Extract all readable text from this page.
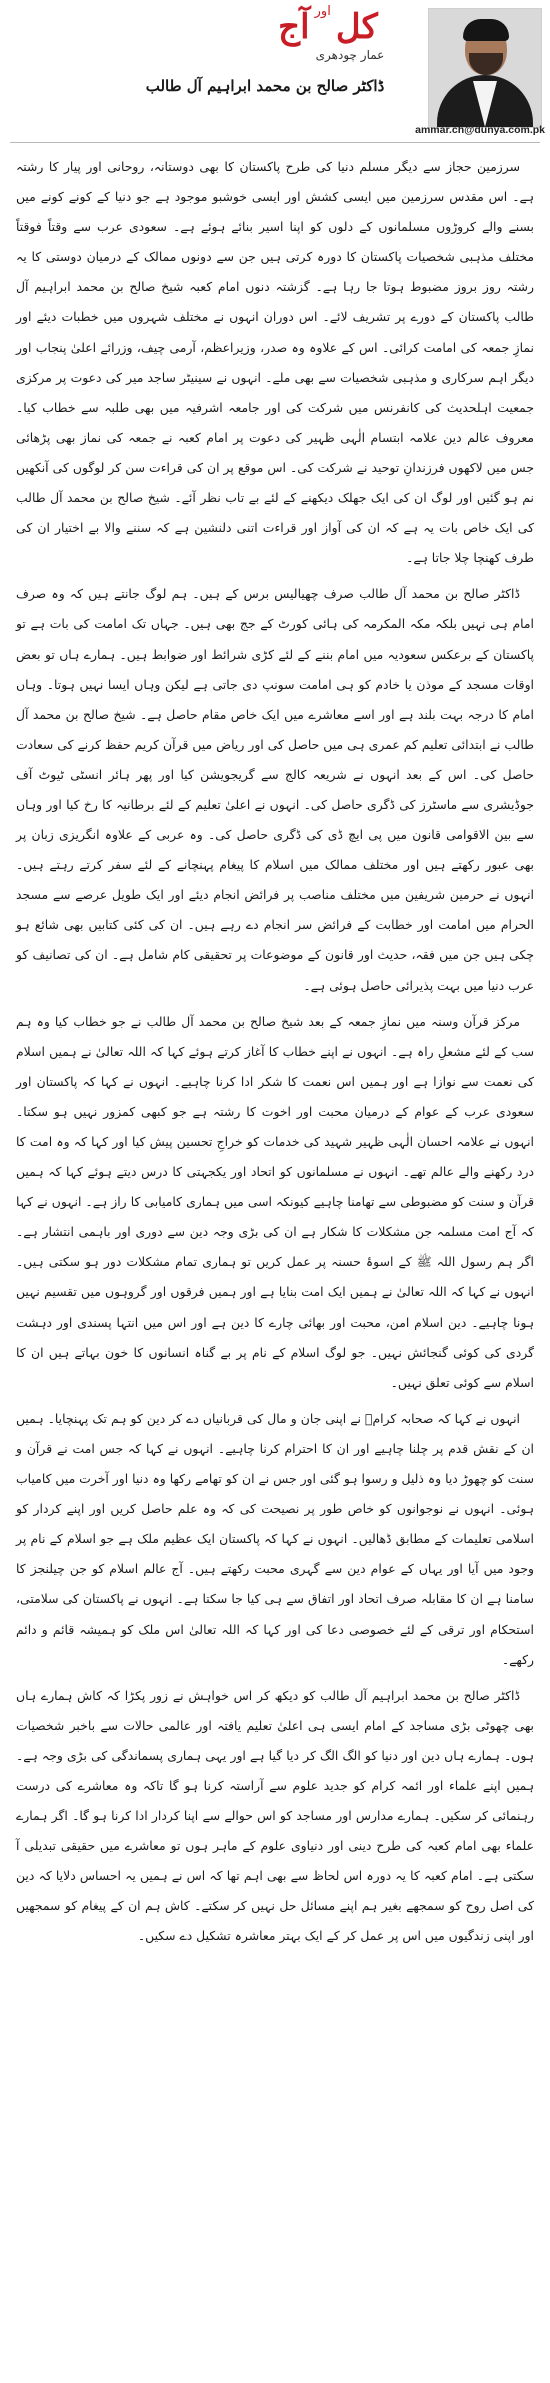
کل $^{اور}$ آج
عمار چودھری
ڈاکٹر صالح بن محمد ابراہیم آل طالب
ammar.ch@dunya.com.pk

سرزمین حجاز سے دیگر مسلم دنیا کی طرح پاکستان کا بھی دوستانہ، روحانی اور پیار کا رشتہ ہے۔ اس مقدس سرزمین میں ایسی کشش اور ایسی خوشبو موجود ہے جو دنیا کے کونے کونے میں بسنے والے کروڑوں مسلمانوں کے دلوں کو اپنا اسیر بنائے ہوئے ہے۔ سعودی عرب سے وقتاً فوقتاً مختلف مذہبی شخصیات پاکستان کا دورہ کرتی ہیں جن سے دونوں ممالک کے درمیان دوستی کا یہ رشتہ روز بروز مضبوط ہوتا جا رہا ہے۔ گزشتہ دنوں امام کعبہ شیخ صالح بن محمد ابراہیم آل طالب پاکستان کے دورے پر تشریف لائے۔ اس دوران انہوں نے مختلف شہروں میں خطبات دیئے اور نمازِ جمعہ کی امامت کرائی۔ اس کے علاوہ وہ صدر، وزیراعظم، آرمی چیف، وزرائے اعلیٰ پنجاب اور دیگر اہم سرکاری و مذہبی شخصیات سے بھی ملے۔ انہوں نے سینیٹر ساجد میر کی دعوت پر مرکزی جمعیت اہلحدیث کی کانفرنس میں شرکت کی اور جامعہ اشرفیہ میں بھی طلبہ سے خطاب کیا۔ معروف عالم دین علامہ ابتسام الٰہی ظہیر کی دعوت پر امام کعبہ نے جمعہ کی نماز بھی پڑھائی جس میں لاکھوں فرزندانِ توحید نے شرکت کی۔ اس موقع پر ان کی قراءت سن کر لوگوں کی آنکھیں نم ہو گئیں اور لوگ ان کی ایک جھلک دیکھنے کے لئے بے تاب نظر آئے۔ شیخ صالح بن محمد آل طالب کی ایک خاص بات یہ ہے کہ ان کی آواز اور قراءت اتنی دلنشین ہے کہ سننے والا بے اختیار ان کی طرف کھنچا چلا جاتا ہے۔

ڈاکٹر صالح بن محمد آل طالب صرف چھیالیس برس کے ہیں۔ ہم لوگ جانتے ہیں کہ وہ صرف امام ہی نہیں بلکہ مکہ المکرمہ کی ہائی کورٹ کے جج بھی ہیں۔ جہاں تک امامت کی بات ہے تو پاکستان کے برعکس سعودیہ میں امام بننے کے لئے کڑی شرائط اور ضوابط ہیں۔ ہمارے ہاں تو بعض اوقات مسجد کے موذن یا خادم کو ہی امامت سونپ دی جاتی ہے لیکن وہاں ایسا نہیں ہوتا۔ وہاں امام کا درجہ بہت بلند ہے اور اسے معاشرے میں ایک خاص مقام حاصل ہے۔ شیخ صالح بن محمد آل طالب نے ابتدائی تعلیم کم عمری ہی میں حاصل کی اور ریاض میں قرآن کریم حفظ کرنے کی سعادت حاصل کی۔ اس کے بعد انہوں نے شریعہ کالج سے گریجویشن کیا اور پھر ہائر انسٹی ٹیوٹ آف جوڈیشری سے ماسٹرز کی ڈگری حاصل کی۔ انہوں نے اعلیٰ تعلیم کے لئے برطانیہ کا رخ کیا اور وہاں سے بین الاقوامی قانون میں پی ایچ ڈی کی ڈگری حاصل کی۔ وہ عربی کے علاوہ انگریزی زبان پر بھی عبور رکھتے ہیں اور مختلف ممالک میں اسلام کا پیغام پہنچانے کے لئے سفر کرتے رہتے ہیں۔ انہوں نے حرمین شریفین میں مختلف مناصب پر فرائض انجام دیئے اور ایک طویل عرصے سے مسجد الحرام میں امامت اور خطابت کے فرائض سر انجام دے رہے ہیں۔ ان کی کئی کتابیں بھی شائع ہو چکی ہیں جن میں فقہ، حدیث اور قانون کے موضوعات پر تحقیقی کام شامل ہے۔ ان کی تصانیف کو عرب دنیا میں بہت پذیرائی حاصل ہوئی ہے۔

مرکز قرآن وسنہ میں نمازِ جمعہ کے بعد شیخ صالح بن محمد آل طالب نے جو خطاب کیا وہ ہم سب کے لئے مشعلِ راہ ہے۔ انہوں نے اپنے خطاب کا آغاز کرتے ہوئے کہا کہ اللہ تعالیٰ نے ہمیں اسلام کی نعمت سے نوازا ہے اور ہمیں اس نعمت کا شکر ادا کرنا چاہیے۔ انہوں نے کہا کہ پاکستان اور سعودی عرب کے عوام کے درمیان محبت اور اخوت کا رشتہ ہے جو کبھی کمزور نہیں ہو سکتا۔ انہوں نے علامہ احسان الٰہی ظہیر شہید کی خدمات کو خراجِ تحسین پیش کیا اور کہا کہ وہ امت کا درد رکھنے والے عالم تھے۔ انہوں نے مسلمانوں کو اتحاد اور یکجہتی کا درس دیتے ہوئے کہا کہ ہمیں قرآن و سنت کو مضبوطی سے تھامنا چاہیے کیونکہ اسی میں ہماری کامیابی کا راز ہے۔ انہوں نے کہا کہ آج امت مسلمہ جن مشکلات کا شکار ہے ان کی بڑی وجہ دین سے دوری اور باہمی انتشار ہے۔ اگر ہم رسول اللہ ﷺ کے اسوۂ حسنہ پر عمل کریں تو ہماری تمام مشکلات دور ہو سکتی ہیں۔ انہوں نے کہا کہ اللہ تعالیٰ نے ہمیں ایک امت بنایا ہے اور ہمیں فرقوں اور گروہوں میں تقسیم نہیں ہونا چاہیے۔ دین اسلام امن، محبت اور بھائی چارے کا دین ہے اور اس میں انتہا پسندی اور دہشت گردی کی کوئی گنجائش نہیں۔ جو لوگ اسلام کے نام پر بے گناہ انسانوں کا خون بہاتے ہیں ان کا اسلام سے کوئی تعلق نہیں۔

انہوں نے کہا کہ صحابہ کرامؓ نے اپنی جان و مال کی قربانیاں دے کر دین کو ہم تک پہنچایا۔ ہمیں ان کے نقش قدم پر چلنا چاہیے اور ان کا احترام کرنا چاہیے۔ انہوں نے کہا کہ جس امت نے قرآن و سنت کو چھوڑ دیا وہ ذلیل و رسوا ہو گئی اور جس نے ان کو تھامے رکھا وہ دنیا اور آخرت میں کامیاب ہوئی۔ انہوں نے نوجوانوں کو خاص طور پر نصیحت کی کہ وہ علم حاصل کریں اور اپنے کردار کو اسلامی تعلیمات کے مطابق ڈھالیں۔ انہوں نے کہا کہ پاکستان ایک عظیم ملک ہے جو اسلام کے نام پر وجود میں آیا اور یہاں کے عوام دین سے گہری محبت رکھتے ہیں۔ آج عالم اسلام کو جن چیلنجز کا سامنا ہے ان کا مقابلہ صرف اتحاد اور اتفاق سے ہی کیا جا سکتا ہے۔ انہوں نے پاکستان کی سلامتی، استحکام اور ترقی کے لئے خصوصی دعا کی اور کہا کہ اللہ تعالیٰ اس ملک کو ہمیشہ قائم و دائم رکھے۔

ڈاکٹر صالح بن محمد ابراہیم آل طالب کو دیکھ کر اس خواہش نے زور پکڑا کہ کاش ہمارے ہاں بھی چھوٹی بڑی مساجد کے امام ایسی ہی اعلیٰ تعلیم یافتہ اور عالمی حالات سے باخبر شخصیات ہوں۔ ہمارے ہاں دین اور دنیا کو الگ الگ کر دیا گیا ہے اور یہی ہماری پسماندگی کی بڑی وجہ ہے۔ ہمیں اپنے علماء اور ائمہ کرام کو جدید علوم سے آراستہ کرنا ہو گا تاکہ وہ معاشرے کی درست رہنمائی کر سکیں۔ ہمارے مدارس اور مساجد کو اس حوالے سے اپنا کردار ادا کرنا ہو گا۔ اگر ہمارے علماء بھی امام کعبہ کی طرح دینی اور دنیاوی علوم کے ماہر ہوں تو معاشرے میں حقیقی تبدیلی آ سکتی ہے۔ امام کعبہ کا یہ دورہ اس لحاظ سے بھی اہم تھا کہ اس نے ہمیں یہ احساس دلایا کہ دین کی اصل روح کو سمجھے بغیر ہم اپنے مسائل حل نہیں کر سکتے۔ کاش ہم ان کے پیغام کو سمجھیں اور اپنی زندگیوں میں اس پر عمل کر کے ایک بہتر معاشرہ تشکیل دے سکیں۔
